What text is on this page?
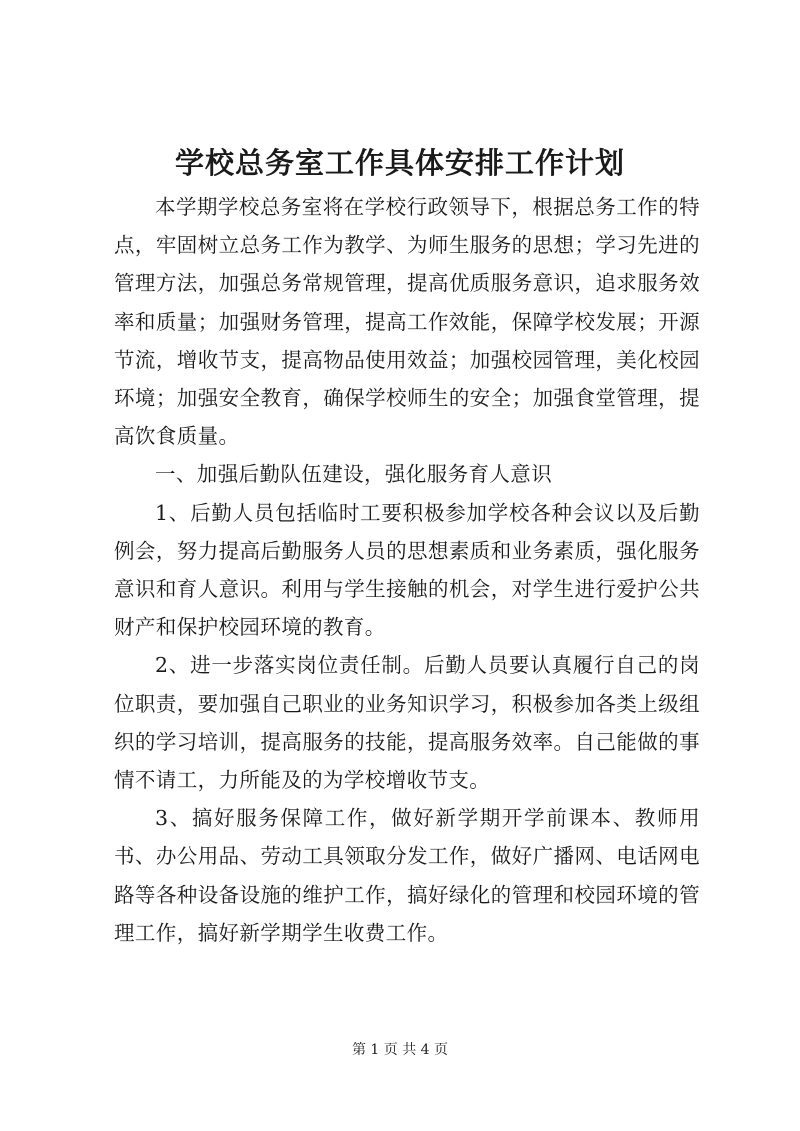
学校总务室工作具体安排工作计划

本学期学校总务室将在学校行政领导下，根据总务工作的特点，牢固树立总务工作为教学、为师生服务的思想；学习先进的管理方法，加强总务常规管理，提高优质服务意识，追求服务效率和质量；加强财务管理，提高工作效能，保障学校发展；开源节流，增收节支，提高物品使用效益；加强校园管理，美化校园环境；加强安全教育，确保学校师生的安全；加强食堂管理，提高饮食质量。

一、加强后勤队伍建设，强化服务育人意识

1、后勤人员包括临时工要积极参加学校各种会议以及后勤例会，努力提高后勤服务人员的思想素质和业务素质，强化服务意识和育人意识。利用与学生接触的机会，对学生进行爱护公共财产和保护校园环境的教育。

2、进一步落实岗位责任制。后勤人员要认真履行自己的岗位职责，要加强自己职业的业务知识学习，积极参加各类上级组织的学习培训，提高服务的技能，提高服务效率。自己能做的事情不请工，力所能及的为学校增收节支。

3、搞好服务保障工作，做好新学期开学前课本、教师用书、办公用品、劳动工具领取分发工作，做好广播网、电话网电路等各种设备设施的维护工作，搞好绿化的管理和校园环境的管理工作，搞好新学期学生收费工作。

第 1 页 共 4 页
